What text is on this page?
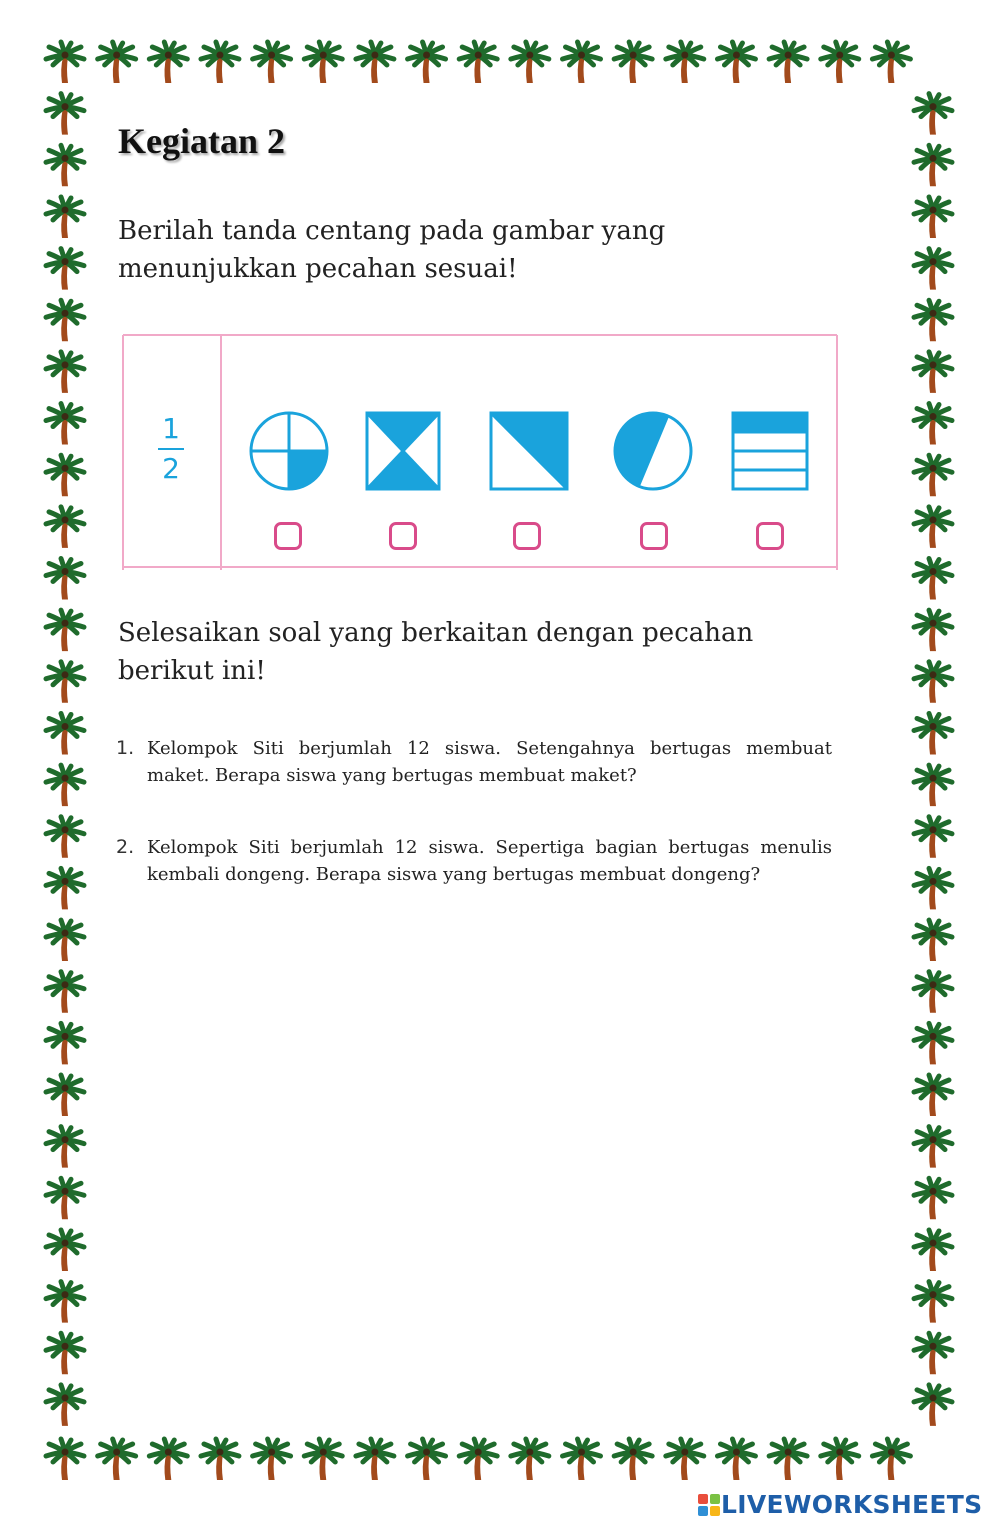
Kegiatan 2

Berilah tanda centang pada gambar yang menunjukkan pecahan sesuai!

1
2

Selesaikan soal yang berkaitan dengan pecahan berikut ini!

1. Kelompok Siti berjumlah 12 siswa. Setengahnya bertugas membuat maket. Berapa siswa yang bertugas membuat maket?
2. Kelompok Siti berjumlah 12 siswa. Sepertiga bagian bertugas menulis kembali dongeng. Berapa siswa yang bertugas membuat dongeng?
LIVEWORKSHEETS
